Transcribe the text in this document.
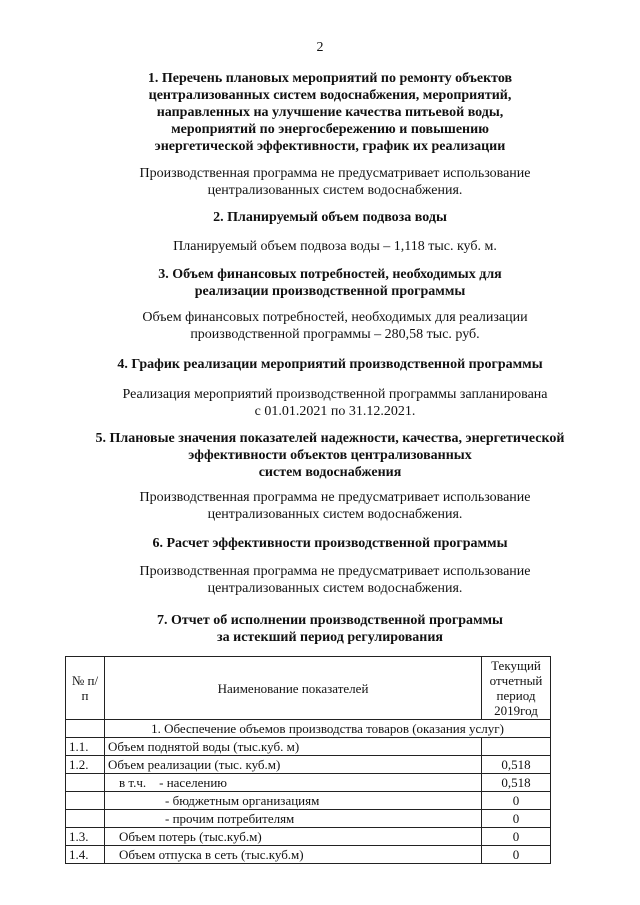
2
1. Перечень плановых мероприятий по ремонту объектов
централизованных систем водоснабжения, мероприятий,
направленных на улучшение качества питьевой воды,
мероприятий по энергосбережению и повышению
энергетической эффективности, график их реализации
Производственная программа не предусматривает использование
централизованных систем водоснабжения.
2. Планируемый объем подвоза воды
Планируемый объем подвоза воды – 1,118 тыс. куб. м.
3. Объем финансовых потребностей, необходимых для
реализации производственной программы
Объем финансовых потребностей, необходимых для реализации
производственной программы – 280,58 тыс. руб.
4. График реализации мероприятий производственной программы
Реализация мероприятий производственной программы запланирована
с 01.01.2021 по 31.12.2021.
5. Плановые значения показателей надежности, качества, энергетической
эффективности объектов централизованных
систем водоснабжения
Производственная программа не предусматривает использование
централизованных систем водоснабжения.
6. Расчет эффективности производственной программы
Производственная программа не предусматривает использование
централизованных систем водоснабжения.
7. Отчет об исполнении производственной программы
за истекший период регулирования
№ п/п	Наименование показателей	Текущий
отчетный
период
2019год

	1. Обеспечение объемов производства товаров (оказания услуг)	
1.1.	Объем поднятой воды (тыс.куб. м)	
1.2.	Объем реализации (тыс. куб.м)	0,518
	в т.ч.    - населению	0,518
	- бюджетным организациям	0
	- прочим потребителям	0
1.3.	Объем потерь (тыс.куб.м)	0
1.4.	Объем отпуска в сеть (тыс.куб.м)	0
